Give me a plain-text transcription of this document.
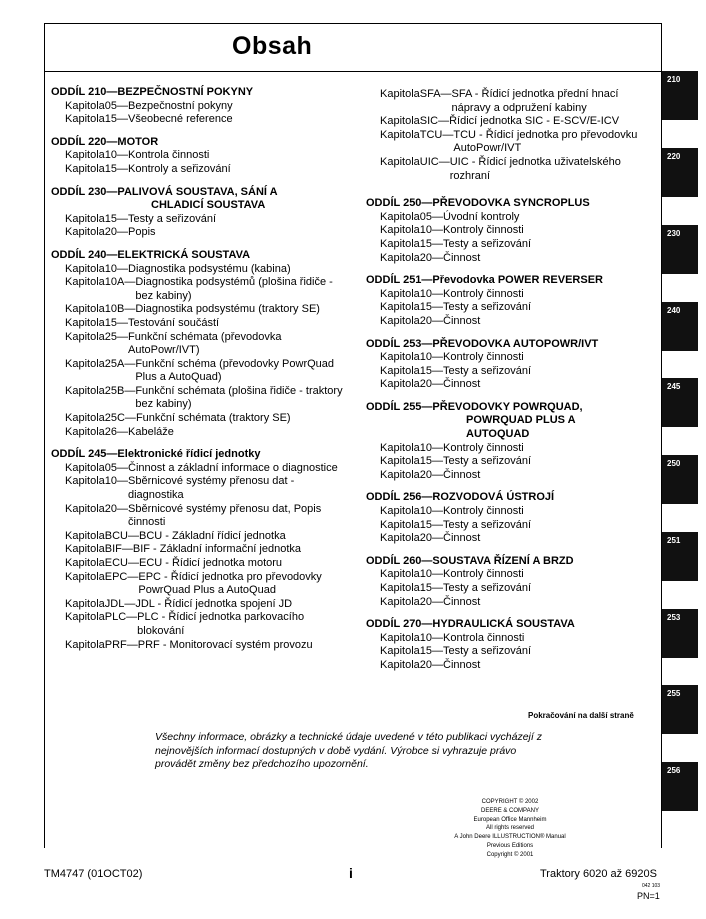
Obsah
210
220
230
240
245
250
251
253
255
256
ODDÍL 210—BEZPEČNOSTNÍ POKYNY
Kapitola05— Bezpečnostní pokyny
Kapitola15— Všeobecné reference
ODDÍL 220—MOTOR
Kapitola10— Kontrola činnosti
Kapitola15— Kontroly a seřizování
ODDÍL 230—PALIVOVÁ SOUSTAVA, SÁNÍ A
CHLADICÍ SOUSTAVA
Kapitola15— Testy a seřizování
Kapitola20— Popis
ODDÍL 240—ELEKTRICKÁ SOUSTAVA
Kapitola10— Diagnostika podsystému (kabina)
Kapitola10A— Diagnostika podsystémů (plošina řidiče - bez kabiny)
Kapitola10B— Diagnostika podsystému (traktory SE)
Kapitola15— Testování součástí
Kapitola25— Funkční schémata (převodovka AutoPowr/IVT)
Kapitola25A— Funkční schéma (převodovky PowrQuad Plus a AutoQuad)
Kapitola25B— Funkční schémata (plošina řidiče - traktory bez kabiny)
Kapitola25C— Funkční schémata (traktory SE)
Kapitola26— Kabeláže
ODDÍL 245—Elektronické řídicí jednotky
Kapitola05— Činnost a základní informace o diagnostice
Kapitola10— Sběrnicové systémy přenosu dat - diagnostika
Kapitola20— Sběrnicové systémy přenosu dat, Popis činnosti
KapitolaBCU— BCU - Základní řídicí jednotka
KapitolaBIF— BIF - Základní informační jednotka
KapitolaECU— ECU - Řídicí jednotka motoru
KapitolaEPC— EPC - Řídicí jednotka pro převodovky PowrQuad Plus a AutoQuad
KapitolaJDL— JDL - Řídicí jednotka spojení JD
KapitolaPLC— PLC - Řídicí jednotka parkovacího blokování
KapitolaPRF— PRF - Monitorovací systém provozu
KapitolaSFA— SFA - Řídicí jednotka přední hnací nápravy a odpružení kabiny
KapitolaSIC— Řídicí jednotka SIC - E-SCV/E-ICV
KapitolaTCU— TCU - Řídicí jednotka pro převodovku AutoPowr/IVT
KapitolaUIC— UIC - Řídicí jednotka uživatelského rozhraní
ODDÍL 250—PŘEVODOVKA SYNCROPLUS
Kapitola05— Úvodní kontroly
Kapitola10— Kontroly činnosti
Kapitola15— Testy a seřizování
Kapitola20— Činnost
ODDÍL 251—Převodovka POWER REVERSER
Kapitola10— Kontroly činnosti
Kapitola15— Testy a seřizování
Kapitola20— Činnost
ODDÍL 253—PŘEVODOVKA AUTOPOWR/IVT
Kapitola10— Kontroly činnosti
Kapitola15— Testy a seřizování
Kapitola20— Činnost
ODDÍL 255—PŘEVODOVKY POWRQUAD,
POWRQUAD PLUS A
AUTOQUAD
Kapitola10— Kontroly činnosti
Kapitola15— Testy a seřizování
Kapitola20— Činnost
ODDÍL 256—ROZVODOVÁ ÚSTROJÍ
Kapitola10— Kontroly činnosti
Kapitola15— Testy a seřizování
Kapitola20— Činnost
ODDÍL 260—SOUSTAVA ŘÍZENÍ A BRZD
Kapitola10— Kontroly činnosti
Kapitola15— Testy a seřizování
Kapitola20— Činnost
ODDÍL 270—HYDRAULICKÁ SOUSTAVA
Kapitola10— Kontrola činnosti
Kapitola15— Testy a seřizování
Kapitola20— Činnost
Pokračování na další straně
Všechny informace, obrázky a technické údaje uvedené v této publikaci vycházejí z nejnovějších informací dostupných v době vydání. Výrobce si vyhrazuje právo provádět změny bez předchozího upozornění.
COPYRIGHT © 2002
DEERE & COMPANY
European Office Mannheim
All rights reserved
A John Deere ILLUSTRUCTION® Manual
Previous Editions
Copyright © 2001
TM4747 (01OCT02)	i	Traktory 6020 až 6920S
042 103
PN=1
